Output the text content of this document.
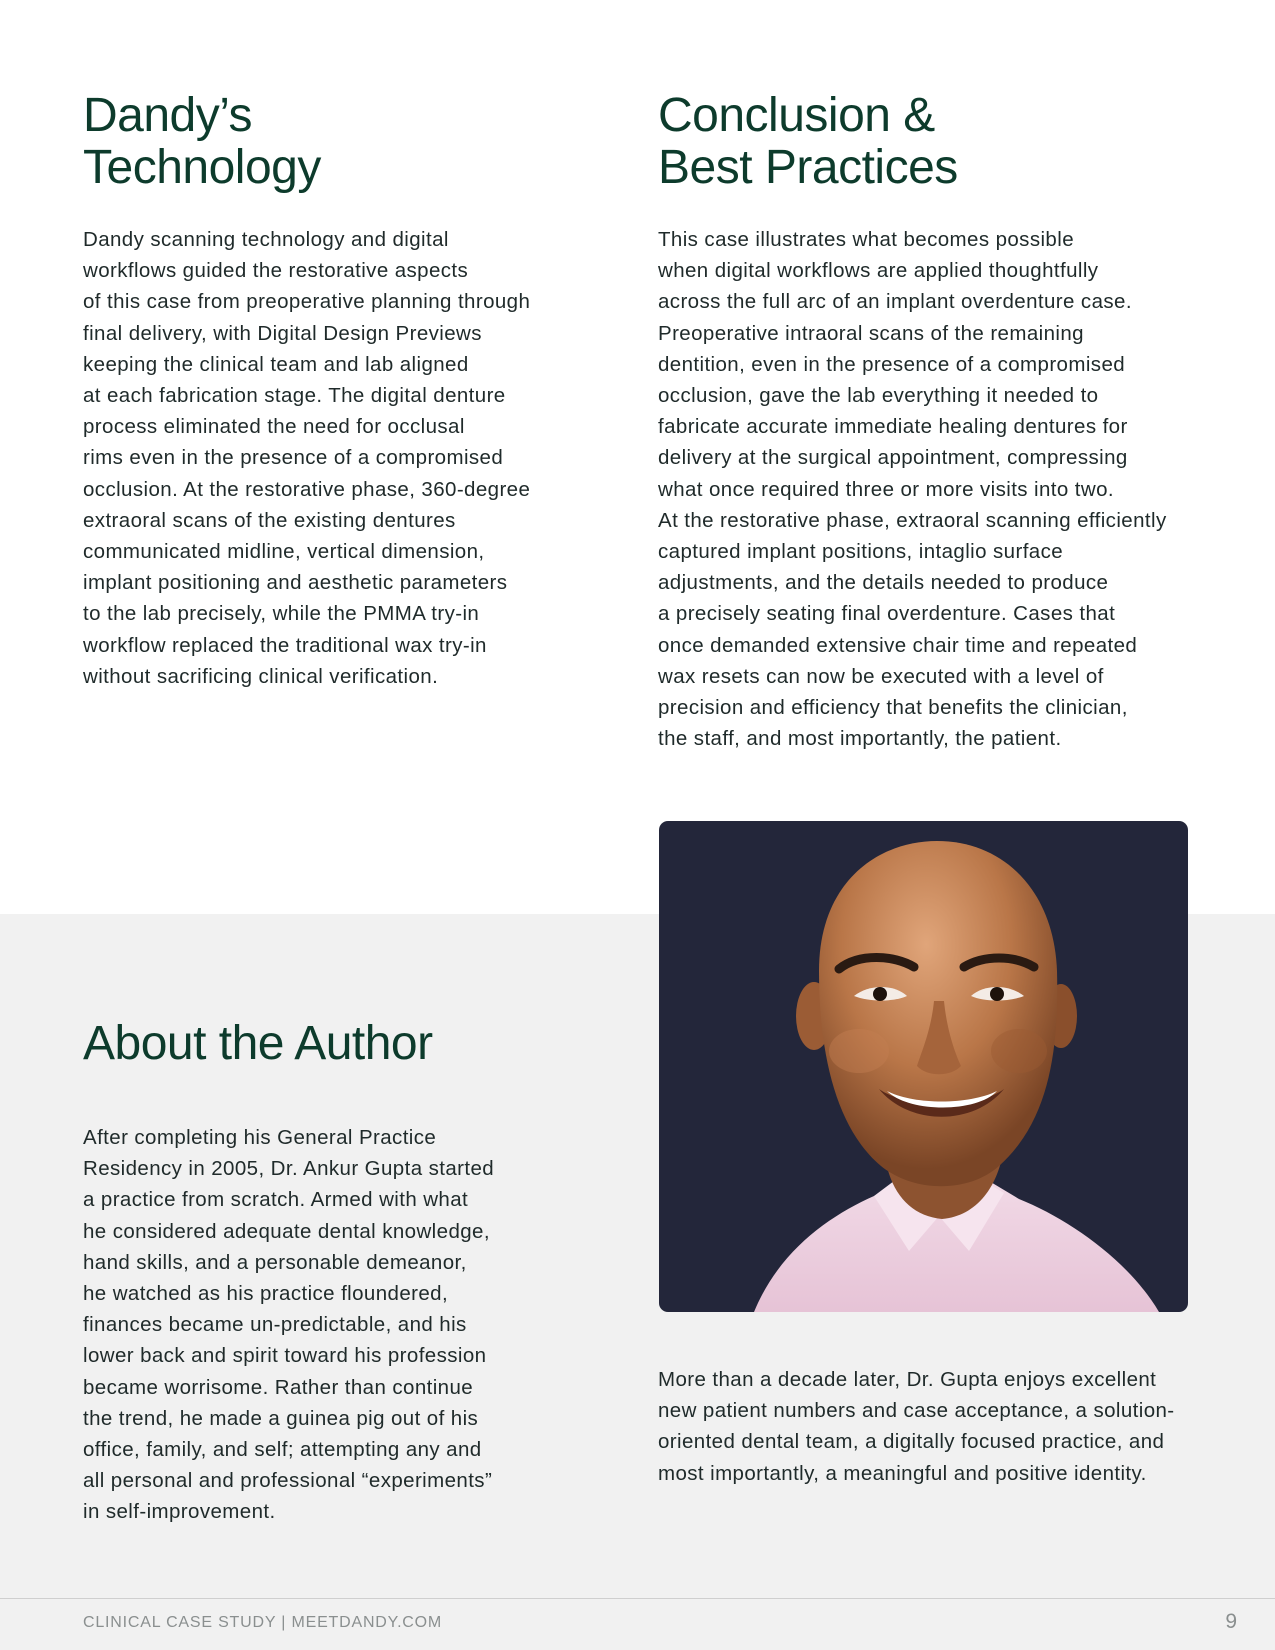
Dandy’s
Technology

Dandy scanning technology and digital
workflows guided the restorative aspects
of this case from preoperative planning through
final delivery, with Digital Design Previews
keeping the clinical team and lab aligned
at each fabrication stage. The digital denture
process eliminated the need for occlusal
rims even in the presence of a compromised
occlusion. At the restorative phase, 360-degree
extraoral scans of the existing dentures
communicated midline, vertical dimension,
implant positioning and aesthetic parameters
to the lab precisely, while the PMMA try-in
workflow replaced the traditional wax try-in
without sacrificing clinical verification.

Conclusion &
Best Practices

This case illustrates what becomes possible
when digital workflows are applied thoughtfully
across the full arc of an implant overdenture case.
Preoperative intraoral scans of the remaining
dentition, even in the presence of a compromised
occlusion, gave the lab everything it needed to
fabricate accurate immediate healing dentures for
delivery at the surgical appointment, compressing
what once required three or more visits into two.
At the restorative phase, extraoral scanning efficiently
captured implant positions, intaglio surface
adjustments, and the details needed to produce
a precisely seating final overdenture. Cases that
once demanded extensive chair time and repeated
wax resets can now be executed with a level of
precision and efficiency that benefits the clinician,
the staff, and most importantly, the patient.

About the Author

After completing his General Practice
Residency in 2005, Dr. Ankur Gupta started
a practice from scratch. Armed with what
he considered adequate dental knowledge,
hand skills, and a personable demeanor,
he watched as his practice floundered,
finances became un-predictable, and his
lower back and spirit toward his profession
became worrisome. Rather than continue
the trend, he made a guinea pig out of his
office, family, and self; attempting any and
all personal and professional “experiments”
in self-improvement.

More than a decade later, Dr. Gupta enjoys excellent
new patient numbers and case acceptance, a solution-
oriented dental team, a digitally focused practice, and
most importantly, a meaningful and positive identity.

CLINICAL CASE STUDY | MEETDANDY.COM	9
